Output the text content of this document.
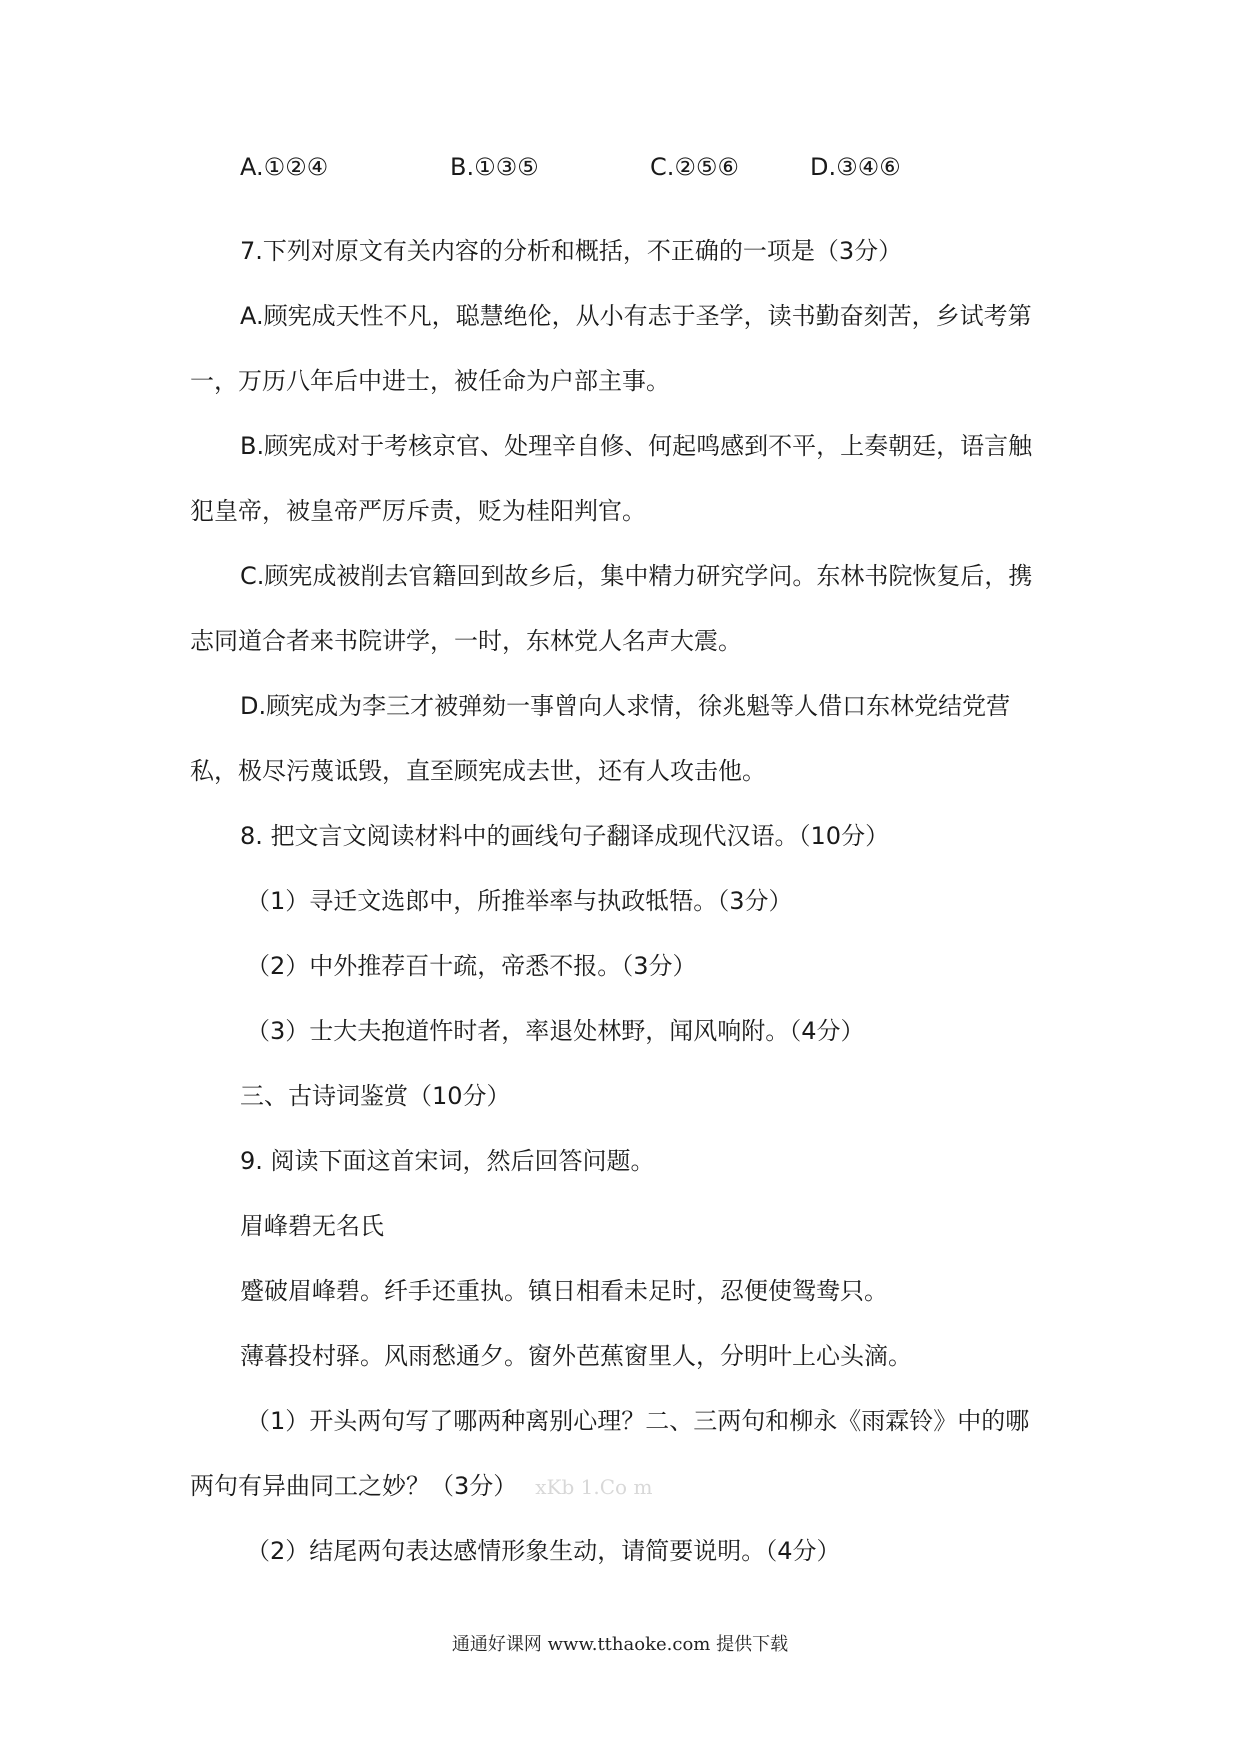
A.①②④	B.①③⑤	C.②⑤⑥	D.③④⑥
7.下列对原文有关内容的分析和概括，不正确的一项是（3分）
A.顾宪成天性不凡，聪慧绝伦，从小有志于圣学，读书勤奋刻苦，乡试考第
一，万历八年后中进士，被任命为户部主事。
B.顾宪成对于考核京官、处理辛自修、何起鸣感到不平，上奏朝廷，语言触
犯皇帝，被皇帝严厉斥责，贬为桂阳判官。
C.顾宪成被削去官籍回到故乡后，集中精力研究学问。东林书院恢复后，携
志同道合者来书院讲学，一时，东林党人名声大震。
D.顾宪成为李三才被弹劾一事曾向人求情，徐兆魁等人借口东林党结党营
私，极尽污蔑诋毁，直至顾宪成去世，还有人攻击他。
8. 把文言文阅读材料中的画线句子翻译成现代汉语。（10分）
（1）寻迁文选郎中，所推举率与执政牴牾。（3分）
（2）中外推荐百十疏，帝悉不报。（3分）
（3）士大夫抱道忤时者，率退处林野，闻风响附。（4分）
三、古诗词鉴赏（10分）
9. 阅读下面这首宋词，然后回答问题。
眉峰碧无名氏
蹙破眉峰碧。纤手还重执。镇日相看未足时，忍便使鸳鸯只。
薄暮投村驿。风雨愁通夕。窗外芭蕉窗里人，分明叶上心头滴。
（1）开头两句写了哪两种离别心理？二、三两句和柳永《雨霖铃》中的哪
两句有异曲同工之妙？（3分） xKb 1.Co m
（2）结尾两句表达感情形象生动，请简要说明。（4分）
通通好课网 www.tthaoke.com 提供下载
